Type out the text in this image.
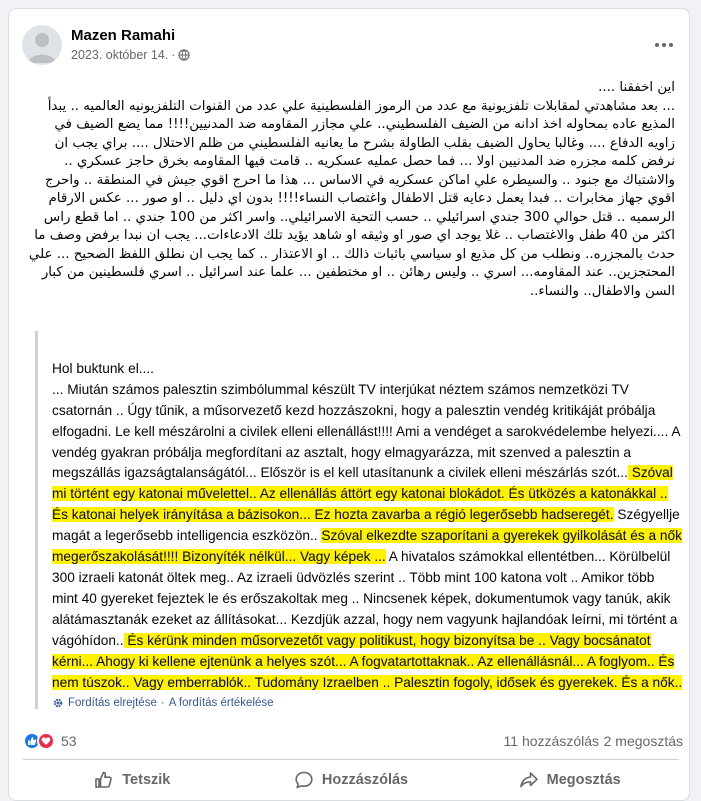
Mazen Ramahi
2023. október 14. ·
اين اخفقنا ....
... بعد مشاهدتي لمقابلات تلفزيونية مع عدد من الرموز الفلسطينية علي عدد من القنوات التلفزيونيه العالميه .. يبدأ المذيع عاده بمحاوله اخذ ادانه من الضيف الفلسطيني.. علي مجازر المقاومه ضد المدنيين!!!! مما يضع الضيف في زاويه الدفاع .... وغالبا يحاول الضيف بقلب الطاولة بشرح ما يعانيه الفلسطيني من ظلم الاحتلال .... براي يجب ان نرفض كلمه مجزره ضد المدنيين اولا ... فما حصل عمليه عسكريه .. قامت فيها المقاومه بخرق حاجز عسكري .. والاشتباك مع جنود .. والسيطره علي اماكن عسكريه في الاساس ... هذا ما احرج اقوي جيش في المنطقة .. واحرج اقوي جهاز مخابرات .. فبدا يعمل دعايه قتل الاطفال واغتصاب النساء!!!! بدون اي دليل .. او صور ... عكس الارقام الرسميه .. قتل حوالي 300 جندي اسرائيلي .. حسب التحية الاسرائيلي.. واسر اكثر من 100 جندي .. اما قطع راس اكثر من 40 طفل والاغتصاب .. غلا يوجد اي صور او وثيقه او شاهد يؤيد تلك الادعاءات... يجب ان نبدا برفض وصف ما حدث بالمجزره.. ونطلب من كل مذيع او سياسي باثبات ذالك .. او الاعتذار .. كما يجب ان نطلق اللفظ الصحيح ... علي المحتجزين.. عند المقاومه... اسري .. وليس رهائن .. او مختطفين ... علما عند اسرائيل .. اسري فلسطينين من كبار السن والاطفال.. والنساء..

Hol buktunk el....
... Miután számos palesztin szimbólummal készült TV interjúkat néztem számos nemzetközi TV csatornán .. Úgy tűnik, a műsorvezető kezd hozzászokni, hogy a palesztin vendég kritikáját próbálja elfogadni. Le kell mészárolni a civilek elleni ellenállást!!!! Ami a vendéget a sarokvédelembe helyezi.... A vendég gyakran próbálja megfordítani az asztalt, hogy elmagyarázza, mit szenved a palesztin a megszállás igazságtalanságától... Először is el kell utasítanunk a civilek elleni mészárlás szót... Szóval mi történt egy katonai művelettel.. Az ellenállás áttört egy katonai blokádot. És ütközés a katonákkal .. És katonai helyek irányítása a bázisokon... Ez hozta zavarba a régió legerősebb hadseregét. Szégyellje magát a legerősebb intelligencia eszközön.. Szóval elkezdte szaporítani a gyerekek gyilkolását és a nők megerőszakolását!!!! Bizonyíték nélkül... Vagy képek ... A hivatalos számokkal ellentétben... Körülbelül 300 izraeli katonát öltek meg.. Az izraeli üdvözlés szerint .. Több mint 100 katona volt .. Amikor több mint 40 gyereket fejeztek le és erőszakoltak meg .. Nincsenek képek, dokumentumok vagy tanúk, akik alátámasztanák ezeket az állításokat... Kezdjük azzal, hogy nem vagyunk hajlandóak leírni, mi történt a vágóhídon.. És kérünk minden műsorvezetőt vagy politikust, hogy bizonyítsa be .. Vagy bocsánatot kérni... Ahogy ki kellene ejtenünk a helyes szót... A fogvatartottaknak.. Az ellenállásnál... A foglyom.. És nem túszok.. Vagy emberrablók.. Tudomány Izraelben .. Palesztin fogoly, idősek és gyerekek. És a nők..

Fordítás elrejtése · A fordítás értékelése
53	11 hozzászólás 2 megosztás
Tetszik	Hozzászólás	Megosztás
